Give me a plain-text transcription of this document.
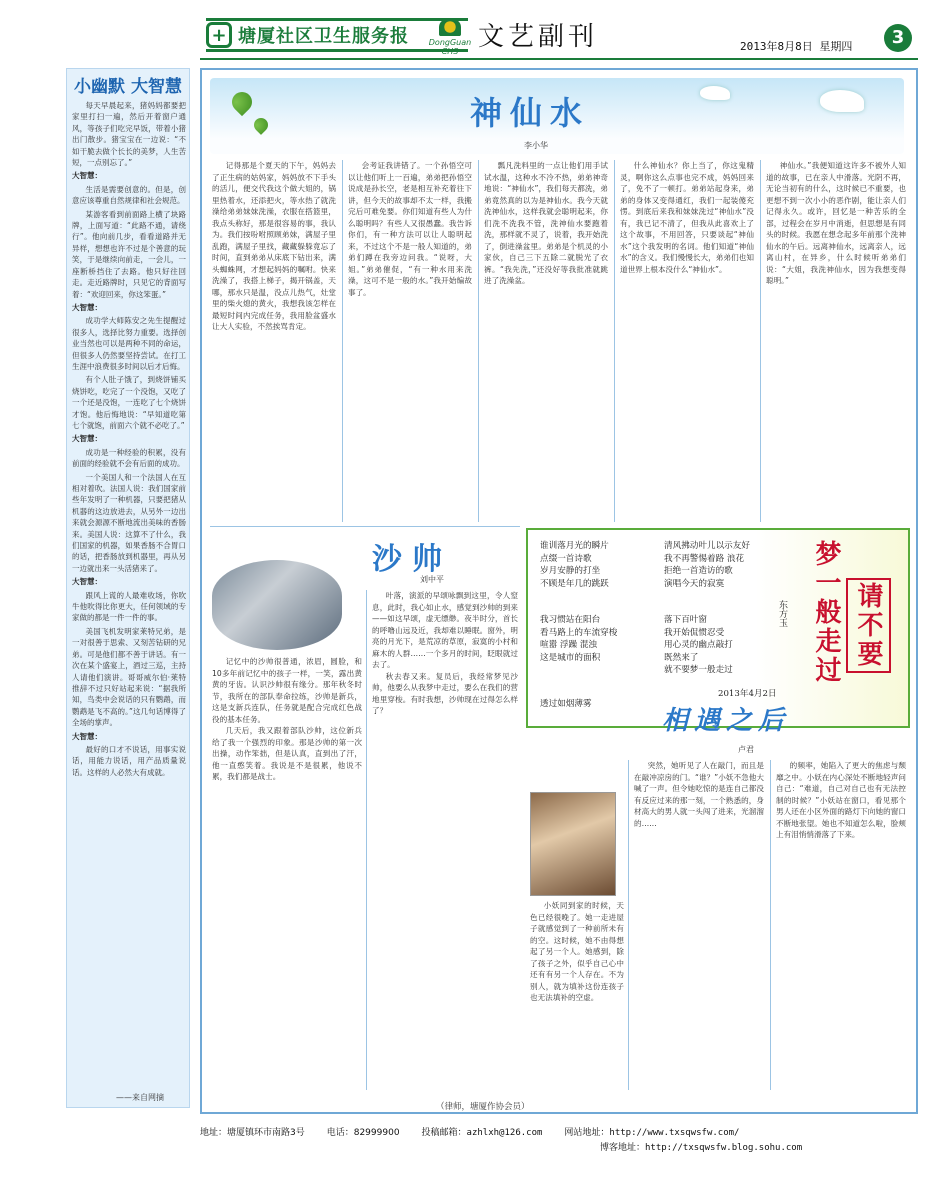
+ 塘厦社区卫生服务报 DongGuan CHS 文艺副刊	2013年8月8日 星期四	3
小幽默 大智慧

每天早晨起来，猪妈妈都要把家里打扫一遍，然后开着窗户通风，等孩子们吃完早饭，带着小猪出门散步。猪宝宝在一边说：“不如干脆去做个长长的美梦，人生苦短，一点别忘了。”

大智慧：

生活是需要创意的。但是，创意应该尊重自然规律和社会规范。

某游客看到前面路上横了块路牌，上面写道：“此路不通，请绕行”。他向前几步，看看道路并无异样，想想也许不过是个善意的玩笑，于是继续向前走，一会儿，一座断桥挡住了去路。他只好往回走。走近路牌时，只见它的背面写着：“欢迎回来，你这笨蛋。”

大智慧：

成功学大师陈安之先生提醒过很多人，选择比努力重要。选择创业当然也可以是两种不同的命运，但很多人仍然要坚持尝试。在打工生涯中浪费很多时间以后才后悔。

有个人肚子饿了，到烧饼铺买烧饼吃，吃完了一个没饱，又吃了一个还是没饱，一连吃了七个烧饼才饱。他后悔地说：“早知道吃第七个就饱，前面六个就不必吃了。”

大智慧：

成功是一种经验的积累，没有前面的经验就不会有后面的成功。

一个美国人和一个法国人在互相对着吹。法国人说：我们国家前些年发明了一种机器，只要把猪从机器的这边放进去，从另外一边出来就会源源不断地流出美味的香肠来。美国人说：这算不了什么，我们国家的机器，如果香肠不合胃口的话，把香肠放到机器里，再从另一边就出来一头活猪来了。

大智慧：

跟风上谎的人最难收场，你吹牛他吹得比你更大，任何领域的专家做的都是一件一件的事。

美国飞机发明家莱特兄弟，是一对很善于思索、又刻苦钻研的兄弟。可是他们都不善于讲话。有一次在某个盛宴上，酒过三巡，主持人请他们演讲。哥哥威尔伯·莱特推辞不过只好站起来说：“据我所知，鸟类中会说话的只有鹦鹉，而鹦鹉是飞不高的。”这几句话博得了全场的掌声。

大智慧：

最好的口才不说话，用事实说话，用能力说话，用产品质量说话。这样的人必然大有成就。

——来自网摘
神仙水
李小华

记得那是个夏天的下午，妈妈去了正生病的姑妈家，妈妈放不下手头的活儿，便交代我这个做大姐的，锅里热着水，还添把火，等水热了就洗澡给弟弟妹妹洗澡，衣服在搭篮里，我点头称好，那是很容易的事，我认为。我们按吩咐照顾弟妹，满屋子里乱跑，满屋子里找，藏藏躲躲竟忘了时间，直到弟弟从床底下钻出来，满头蜘蛛网，才想起妈妈的嘱咐。快来洗澡了，我搭上梯子，揭开锅盖，天哪，那水只是温，没点儿热气，灶堂里的柴火熄的黄火，我想我该怎样在最短时间内完成任务，我用脸盆盛水让大人实验，不然挨骂肯定。

会考证我讲错了。一个孙悟空可以让他们听上一百遍，弟弟把孙悟空说成是孙长空，老是相互补充着往下讲，但今天的故事却不太一样，我搬完后可难免要。你们知道有些人为什么聪明吗？有些人又很愚蠢。我告诉你们，有一种方法可以让人聪明起来，不过这个不是一般人知道的，弟弟们蹲在我旁边问我。“说呀，大姐。”弟弟催促，“有一种水用来洗澡，这可不是一般的水。”我开始编故事了。

瓢凡洗料里的一点让他们用手试试水温，这种水不冷不热，弟弟神奇地说：“神仙水”，我们每天都洗，弟弟竟然真的以为是神仙水。我今天就洗神仙水，这样我就会聪明起来，你们洗不洗我不管，洗神仙水要跑着洗，那样就不灵了，说着，我开始洗了，倒进澡盆里。弟弟是个机灵的小家伙，自己三下五除二就脱光了衣裤。“我先洗，”还没好等我批准就跳进了洗澡盆。

什么神仙水？你上当了，你这鬼精灵，啊你这么点事也完不成，妈妈回来了，免不了一顿打。弟弟站起身来，弟弟的身体又变得通红，我们一起装傻充愣。到底后来我和妹妹洗过“神仙水”没有，我已记不清了，但我从此喜欢上了这个故事，不用回答，只要谈起“神仙水”这个我发明的名词。他们知道“神仙水”的含义。我们慢慢长大，弟弟们也知道世界上根本没什么“神仙水”。

神仙水。”我便知道这许多不被外人知道的故事，已在亲人中滑落。光阴不再，无论当初有的什么，这时候已不重要，也更想不到一次小小的恶作剧，能让亲人们记得永久。或许，回忆是一种苦乐的全部，过程会在岁月中消逝，但思想是有同头的时候。我愿在想念起多年前那个洗神仙水的午后。远离神仙水，远离亲人，远离山村，在异乡，什么时候听弟弟们说：“大姐，我洗神仙水，因为我想变得聪明。”

沙帅
刘中平

记忆中的沙帅很普通，浓眉，圆脸，和10多年前记忆中的孩子一样，一笑，露出黄黄的牙齿。认识沙帅很有缘分。那年秋冬时节，我所在的部队奉命拉练，沙帅是新兵，这是支新兵连队，任务就是配合完成红色战役的基本任务。

几天后，我又跟着部队沙帅，这位新兵给了我一个强烈的印象。那是沙帅的第一次出操，动作笨拙，但是认真，直到出了汗，他一直憨笑着。我说是不是很累，他说不累，我们都是战士。

叶落，演派的早颂咏飘到这里，令人窒息，此时，我心如止水，感觉到沙帅的到来——如这早颂，虚无缥缈。夜半时分，首长的呼噜山远及近，我却难以睡眠。窗外，明亮的月光下，是荒凉的草原，寂寞的小村和麻木的人群……一个多月的时间，眨眼就过去了。

秋去春又来。复员后，我经常梦见沙帅，他要么从我梦中走过，要么在我们的营地里穿梭。有时我想，沙帅现在过得怎么样了？

（律师，塘厦作协会员）
谁训落月光的瞬片
点缀一首诗歌
岁月安静的打坐
不顾是年几的跳跃
清风拂动叶儿以示友好
我不再警惕着路 浪花
拒绝一首造访的歌
演唱今天的寂寞
我习惯站在阳台
看马路上的车流穿梭
喧嚣 浮躁 混浊
这是城市的面积
落下百叶窗
我开始侃惯忍受
用心灵的幽点敲打
既然来了
就不要梦一般走过
透过如烟薄雾
2013年4月2日
梦一般走过 请不要
东方玉
相遇之后
卢君

小妖同到家的时候，天色已经很晚了。她一走进屋子就感觉到了一种前所未有的空。这时候，她不由得想起了另一个人。她感到，除了孩子之外，似乎自己心中还有有另一个人存在。不为别人，就为填补这份连孩子也无法填补的空虚。

突然，她听见了人在敲门，而且是在敲冲凉房的门。“谁？”小妖不急他大喊了一声。但令她吃惊的是连自己都没有反应过来的那一刻，一个熟悉的，身材高大的男人就一头闯了进来，光溜溜的……

的频率，她陷入了更大的焦虑与颓靡之中。小妖在内心深处不断地轻声问自己：“难道，自己对自己也有无法控制的时候？”小妖站在窗口，看见那个男人还在小区外面的路灯下向她的窗口不断地张望。她也不知道怎么啦，脸颊上有泪悄悄滑落了下来。

地址：塘厦镇环市南路3号 电话：82999900 投稿邮箱：azhlxh@126.com 网站地址：http://www.txsqwsfw.com/
博客地址：http://txsqwsfw.blog.sohu.com
